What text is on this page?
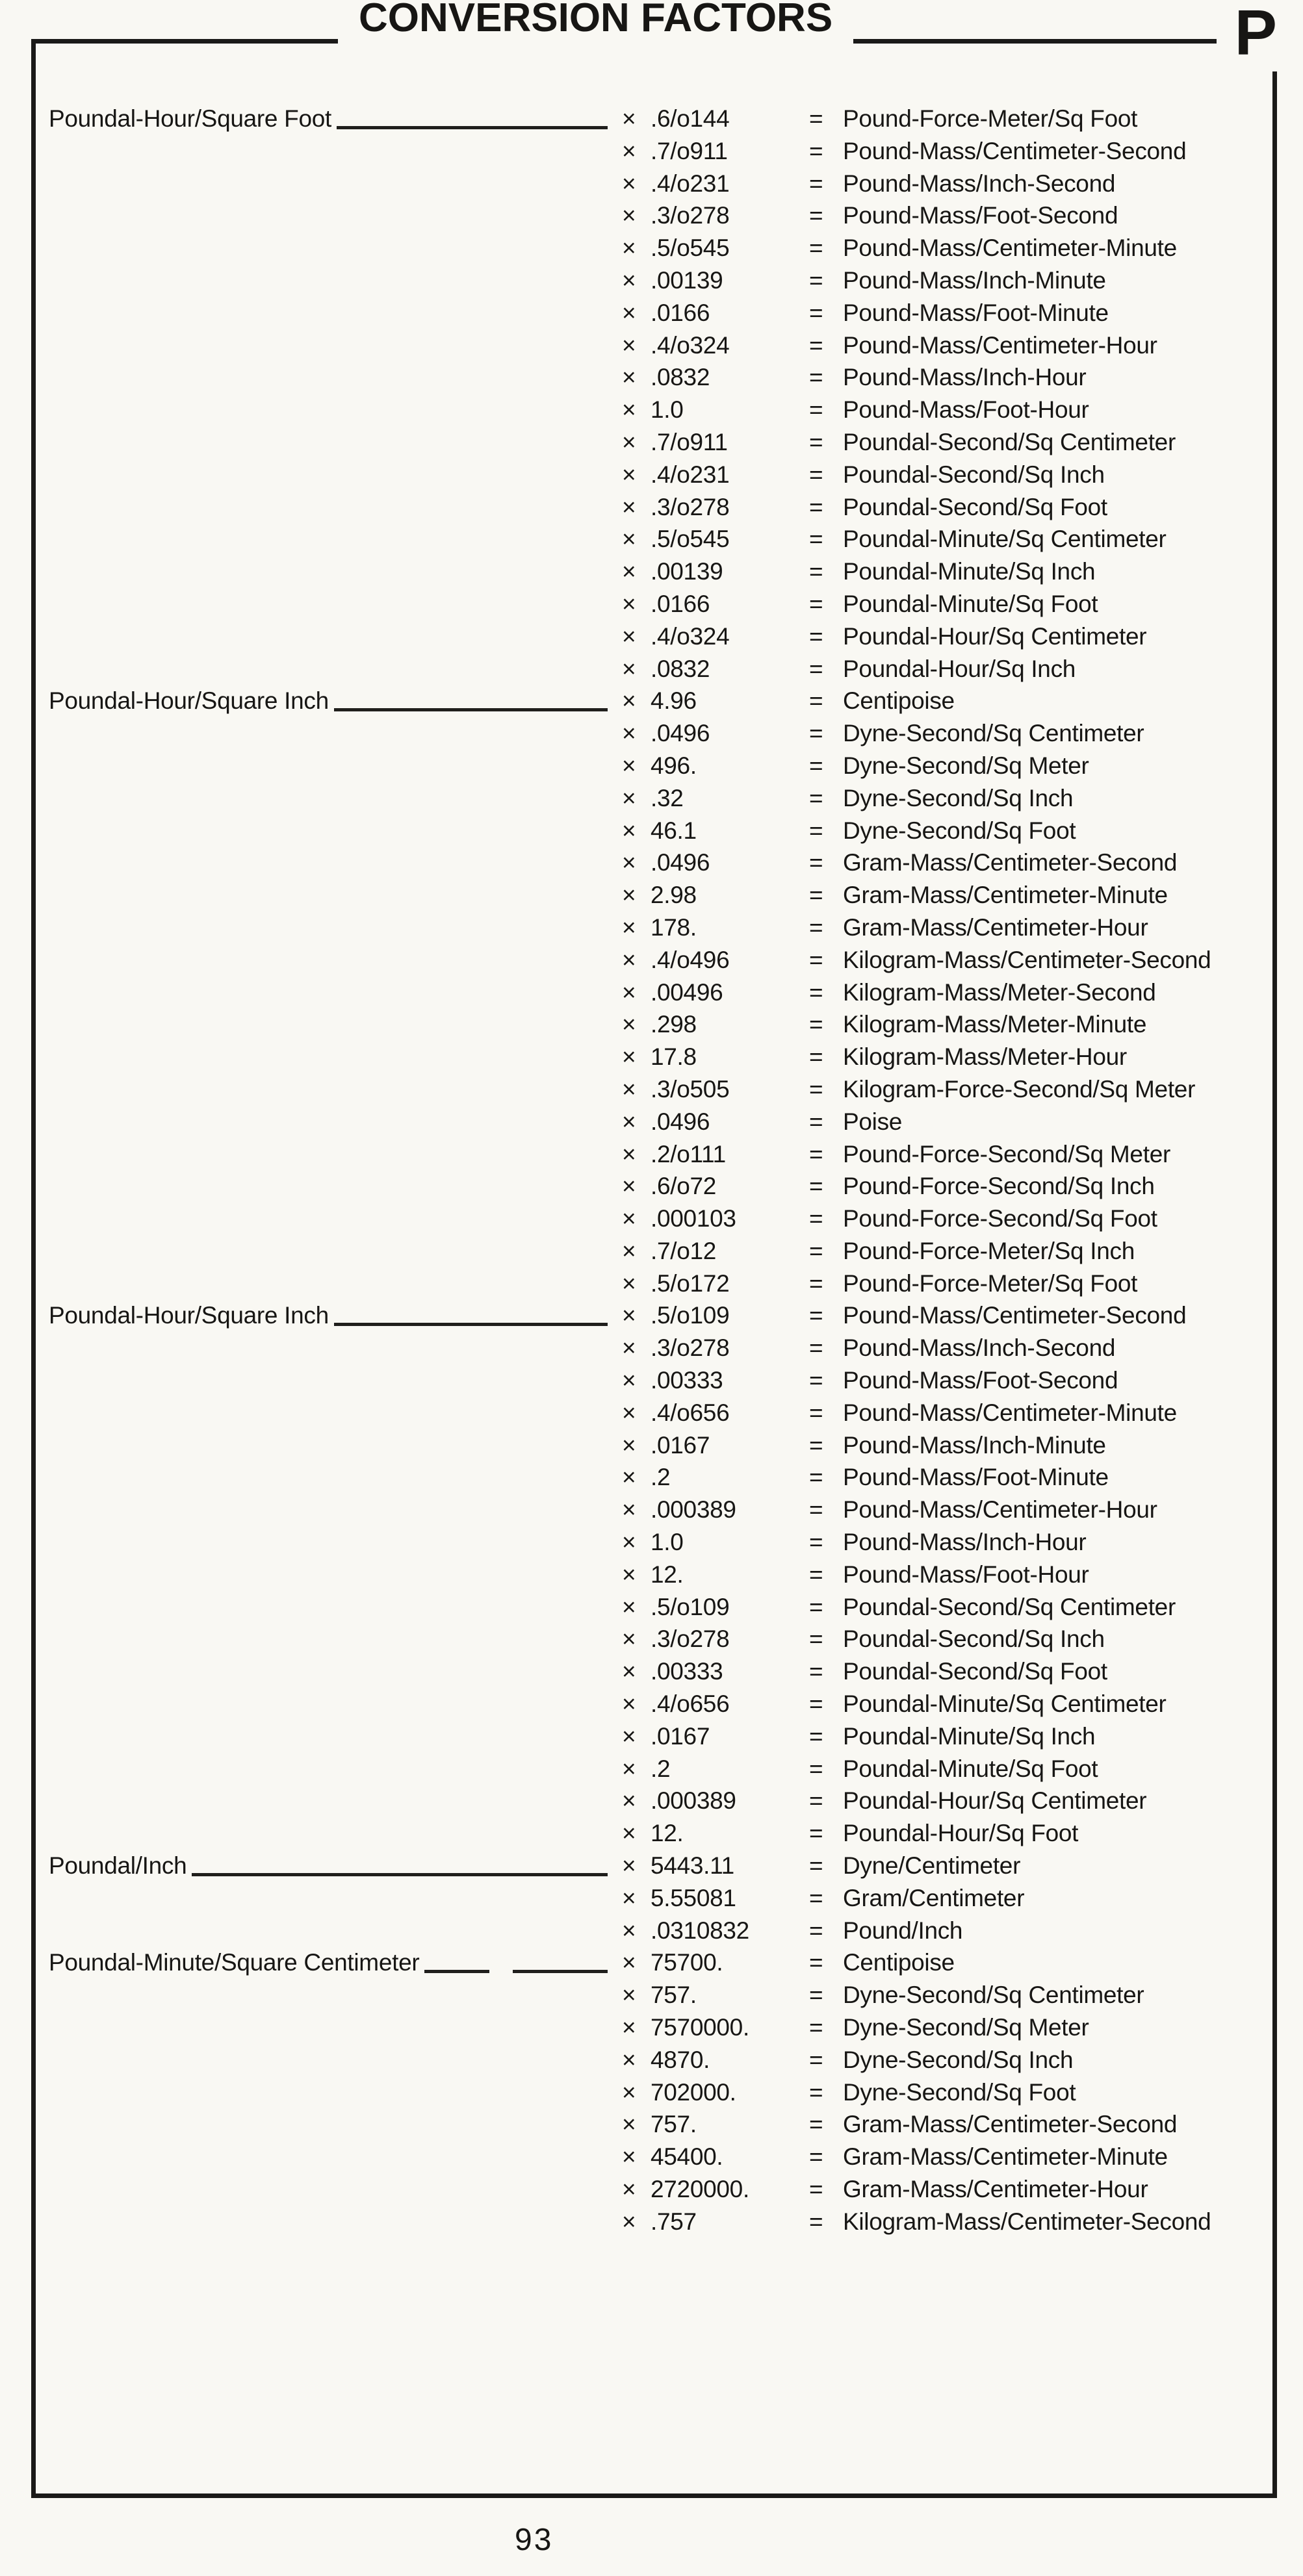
CONVERSION FACTORS	P
Poundal-Hour/Square Foot	× .6/o144	= Pound-Force-Meter/Sq Foot
× .7/o911	= Pound-Mass/Centimeter-Second
× .4/o231	= Pound-Mass/Inch-Second
× .3/o278	= Pound-Mass/Foot-Second
× .5/o545	= Pound-Mass/Centimeter-Minute
× .00139	= Pound-Mass/Inch-Minute
× .0166	= Pound-Mass/Foot-Minute
× .4/o324	= Pound-Mass/Centimeter-Hour
× .0832	= Pound-Mass/Inch-Hour
× 1.0	= Pound-Mass/Foot-Hour
× .7/o911	= Poundal-Second/Sq Centimeter
× .4/o231	= Poundal-Second/Sq Inch
× .3/o278	= Poundal-Second/Sq Foot
× .5/o545	= Poundal-Minute/Sq Centimeter
× .00139	= Poundal-Minute/Sq Inch
× .0166	= Poundal-Minute/Sq Foot
× .4/o324	= Poundal-Hour/Sq Centimeter
× .0832	= Poundal-Hour/Sq Inch
Poundal-Hour/Square Inch	× 4.96	= Centipoise
× .0496	= Dyne-Second/Sq Centimeter
× 496.	= Dyne-Second/Sq Meter
× .32	= Dyne-Second/Sq Inch
× 46.1	= Dyne-Second/Sq Foot
× .0496	= Gram-Mass/Centimeter-Second
× 2.98	= Gram-Mass/Centimeter-Minute
× 178.	= Gram-Mass/Centimeter-Hour
× .4/o496	= Kilogram-Mass/Centimeter-Second
× .00496	= Kilogram-Mass/Meter-Second
× .298	= Kilogram-Mass/Meter-Minute
× 17.8	= Kilogram-Mass/Meter-Hour
× .3/o505	= Kilogram-Force-Second/Sq Meter
× .0496	= Poise
× .2/o111	= Pound-Force-Second/Sq Meter
× .6/o72	= Pound-Force-Second/Sq Inch
× .000103	= Pound-Force-Second/Sq Foot
× .7/o12	= Pound-Force-Meter/Sq Inch
× .5/o172	= Pound-Force-Meter/Sq Foot
Poundal-Hour/Square Inch	× .5/o109	= Pound-Mass/Centimeter-Second
× .3/o278	= Pound-Mass/Inch-Second
× .00333	= Pound-Mass/Foot-Second
× .4/o656	= Pound-Mass/Centimeter-Minute
× .0167	= Pound-Mass/Inch-Minute
× .2	= Pound-Mass/Foot-Minute
× .000389	= Pound-Mass/Centimeter-Hour
× 1.0	= Pound-Mass/Inch-Hour
× 12.	= Pound-Mass/Foot-Hour
× .5/o109	= Poundal-Second/Sq Centimeter
× .3/o278	= Poundal-Second/Sq Inch
× .00333	= Poundal-Second/Sq Foot
× .4/o656	= Poundal-Minute/Sq Centimeter
× .0167	= Poundal-Minute/Sq Inch
× .2	= Poundal-Minute/Sq Foot
× .000389	= Poundal-Hour/Sq Centimeter
× 12.	= Poundal-Hour/Sq Foot
Poundal/Inch	× 5443.11	= Dyne/Centimeter
× 5.55081	= Gram/Centimeter
× .0310832	= Pound/Inch
Poundal-Minute/Square Centimeter	× 75700.	= Centipoise
× 757.	= Dyne-Second/Sq Centimeter
× 7570000.	= Dyne-Second/Sq Meter
× 4870.	= Dyne-Second/Sq Inch
× 702000.	= Dyne-Second/Sq Foot
× 757.	= Gram-Mass/Centimeter-Second
× 45400.	= Gram-Mass/Centimeter-Minute
× 2720000.	= Gram-Mass/Centimeter-Hour
× .757	= Kilogram-Mass/Centimeter-Second
93
